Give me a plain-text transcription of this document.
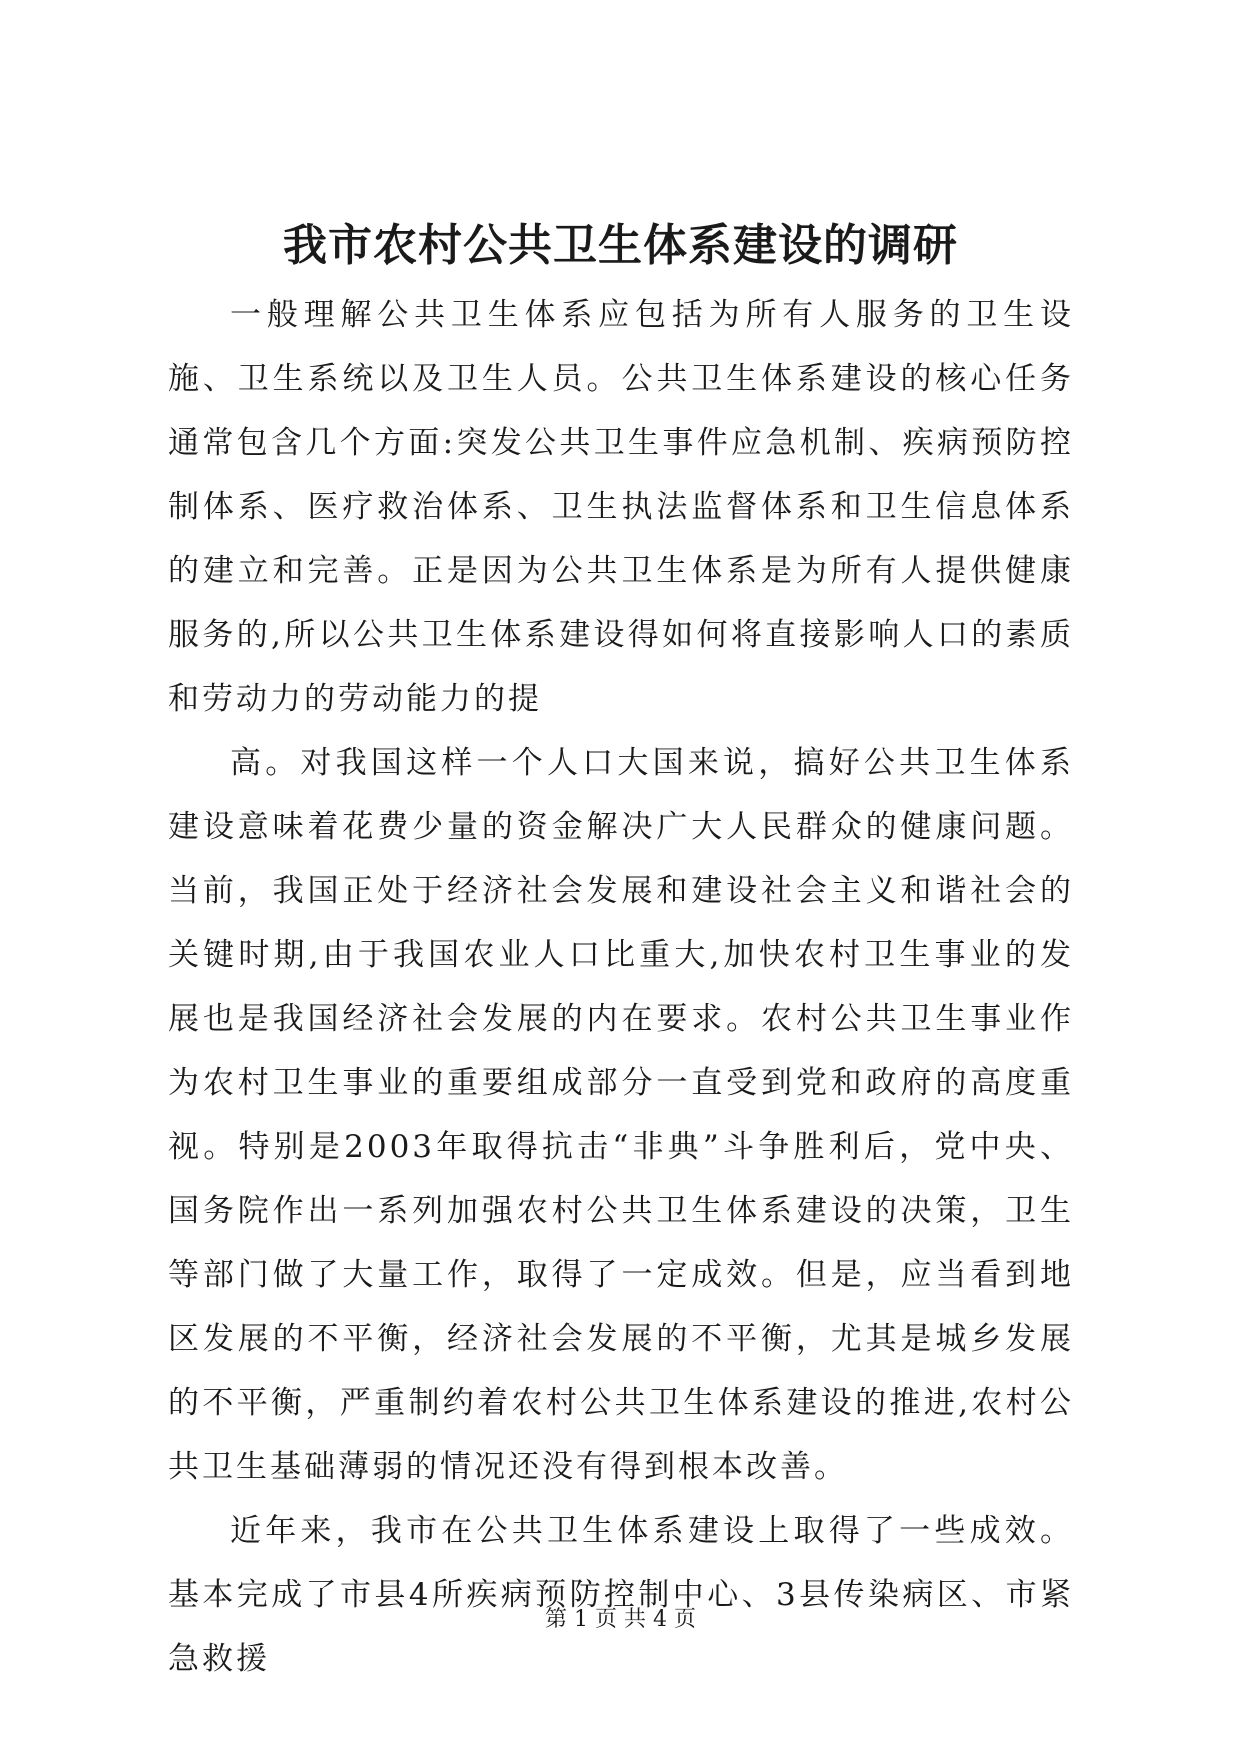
我市农村公共卫生体系建设的调研

一般理解公共卫生体系应包括为所有人服务的卫生设施、卫生系统以及卫生人员。公共卫生体系建设的核心任务通常包含几个方面:突发公共卫生事件应急机制、疾病预防控制体系、医疗救治体系、卫生执法监督体系和卫生信息体系的建立和完善。正是因为公共卫生体系是为所有人提供健康服务的,所以公共卫生体系建设得如何将直接影响人口的素质和劳动力的劳动能力的提

高。对我国这样一个人口大国来说，搞好公共卫生体系建设意味着花费少量的资金解决广大人民群众的健康问题。当前，我国正处于经济社会发展和建设社会主义和谐社会的关键时期,由于我国农业人口比重大,加快农村卫生事业的发展也是我国经济社会发展的内在要求。农村公共卫生事业作为农村卫生事业的重要组成部分一直受到党和政府的高度重视。特别是2003年取得抗击“非典”斗争胜利后，党中央、国务院作出一系列加强农村公共卫生体系建设的决策，卫生等部门做了大量工作，取得了一定成效。但是，应当看到地区发展的不平衡，经济社会发展的不平衡，尤其是城乡发展的不平衡，严重制约着农村公共卫生体系建设的推进,农村公共卫生基础薄弱的情况还没有得到根本改善。

近年来，我市在公共卫生体系建设上取得了一些成效。基本完成了市县4所疾病预防控制中心、3县传染病区、市紧急救援

第 1 页 共 4 页
